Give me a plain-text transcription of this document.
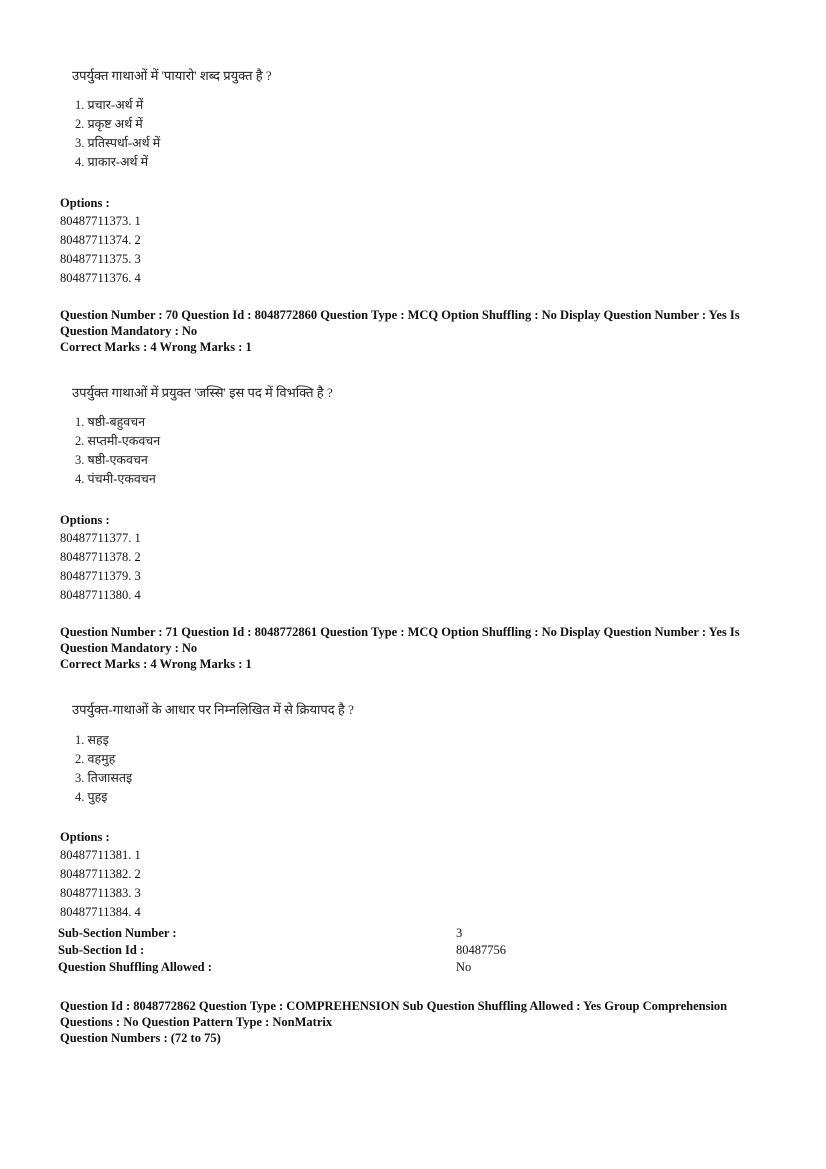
उपर्युक्त गाथाओं में 'पायारो' शब्द प्रयुक्त है ?
1. प्रचार-अर्थ में
2. प्रकृष्ट अर्थ में
3. प्रतिस्पर्धा-अर्थ में
4. प्राकार-अर्थ में
Options :
80487711373. 1
80487711374. 2
80487711375. 3
80487711376. 4
Question Number : 70 Question Id : 8048772860 Question Type : MCQ Option Shuffling : No Display Question Number : Yes Is
Question Mandatory : No
Correct Marks : 4 Wrong Marks : 1
उपर्युक्त गाथाओं में प्रयुक्त 'जस्सि' इस पद में विभक्ति है ?
1. षष्ठी-बहुवचन
2. सप्तमी-एकवचन
3. षष्ठी-एकवचन
4. पंचमी-एकवचन
Options :
80487711377. 1
80487711378. 2
80487711379. 3
80487711380. 4
Question Number : 71 Question Id : 8048772861 Question Type : MCQ Option Shuffling : No Display Question Number : Yes Is
Question Mandatory : No
Correct Marks : 4 Wrong Marks : 1
उपर्युक्त-गाथाओं के आधार पर निम्नलिखित में से क्रियापद है ?
1. सहइ
2. वहमुह
3. तिजासतइ
4. पुहइ
Options :
80487711381. 1
80487711382. 2
80487711383. 3
80487711384. 4
Sub-Section Number :	3
Sub-Section Id :	80487756
Question Shuffling Allowed :	No
Question Id : 8048772862 Question Type : COMPREHENSION Sub Question Shuffling Allowed : Yes Group Comprehension
Questions : No Question Pattern Type : NonMatrix
Question Numbers : (72 to 75)
